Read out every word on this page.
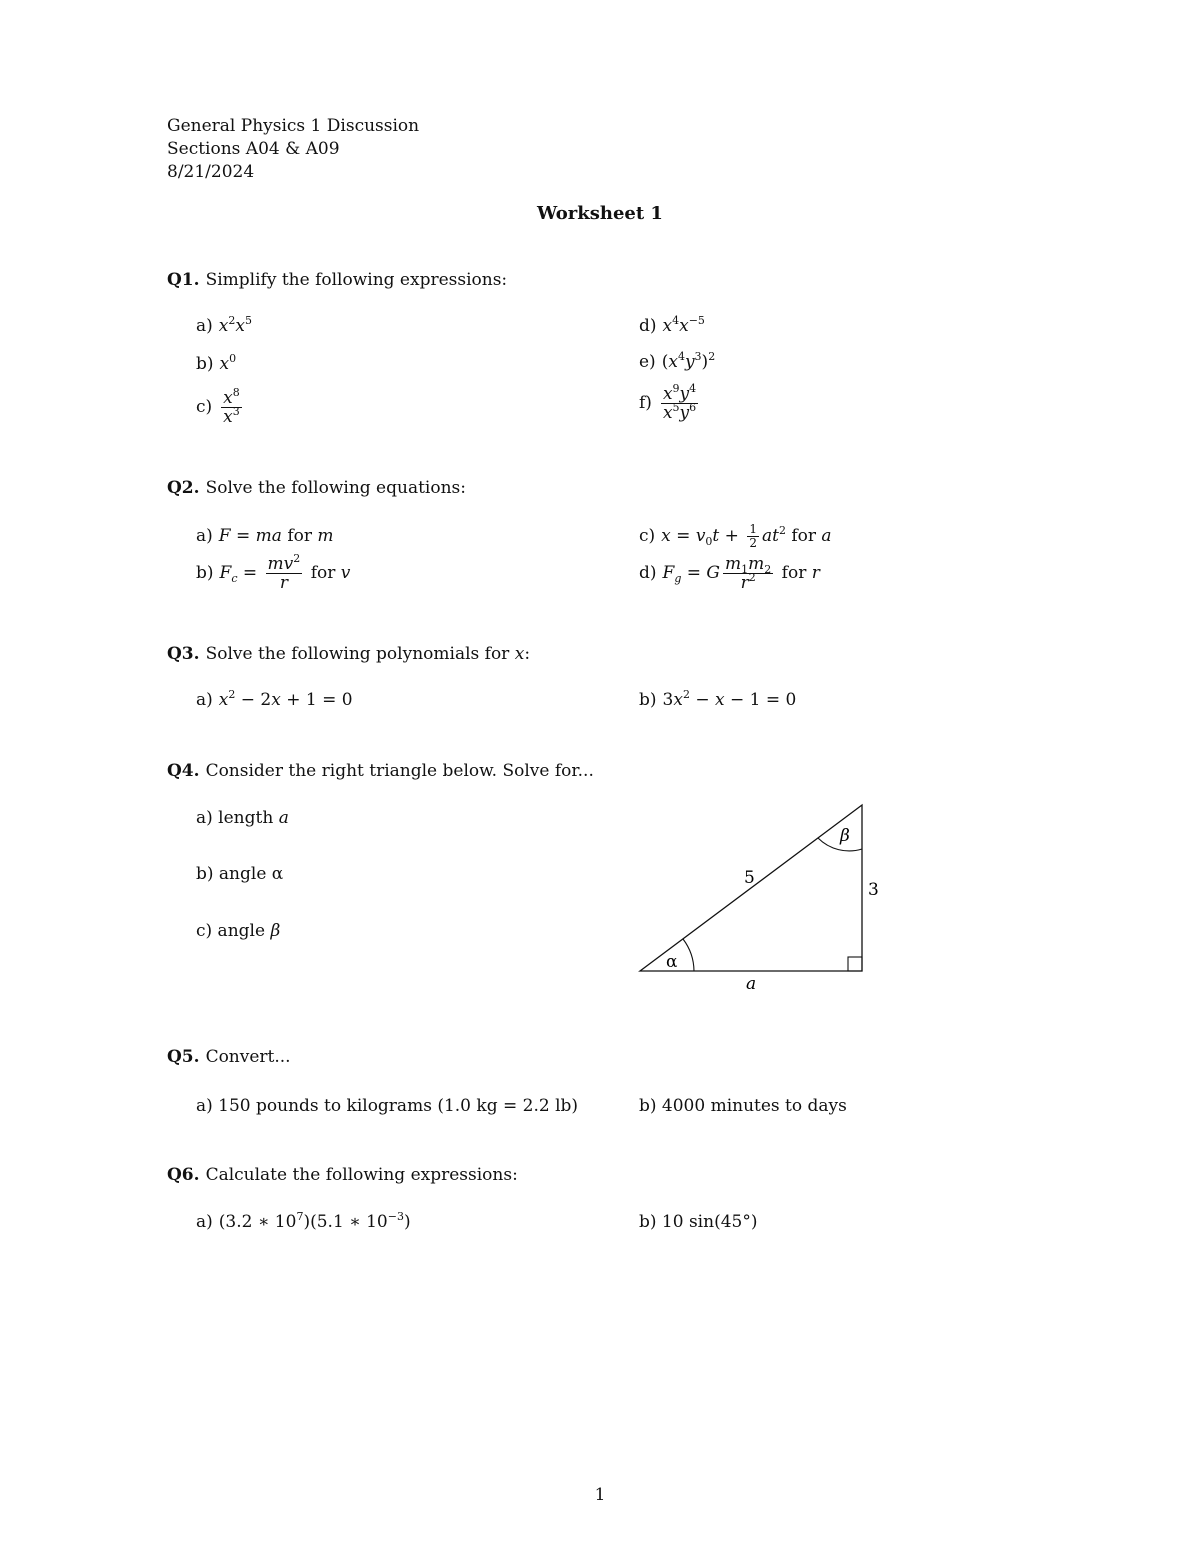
General Physics 1 Discussion
Sections A04 & A09
8/21/2024
Worksheet 1
Q1. Simplify the following expressions:
a) $x^2x^5$
b) $x^0$
$c) \frac{x^8}{x^3}$
d) $x^4x^{-5}$
e) $(x^4y^3)^2$
$f) \frac{x^9y^4}{x^5y^6}$
Q2. Solve the following equations:
a) F = ma for m
b) $F_c = \frac{mv^2}{r}$ for v
c) $x = v_0t + \frac{1}{2} at^2$ for a
d) $F_g = G \frac{m_1m_2}{r^2}$ for r
Q3. Solve the following polynomials for x:
a) $x^2 - 2x + 1 = 0$	b) $3x^2 - x - 1 = 0$
Q4. Consider the right triangle below. Solve for...
a) length a
b) angle α
c) angle β
5
3
a
α
β
Q5. Convert...
a) 150 pounds to kilograms (1.0 kg = 2.2 lb)	b) 4000 minutes to days
Q6. Calculate the following expressions:
a) (3.2 ∗ $10^7)(5.1$ ∗ $10^{-3}$)	b) 10 sin(45°)
1
